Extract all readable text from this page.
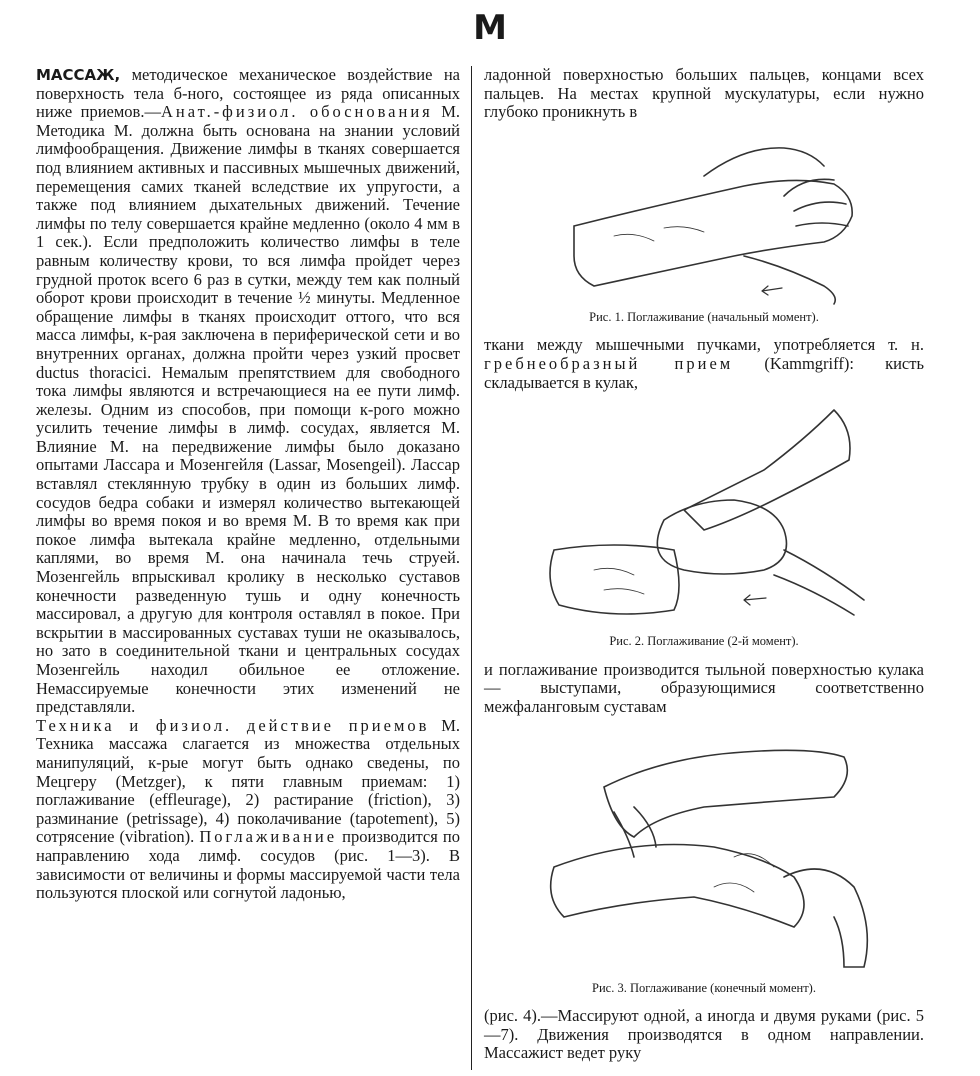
М

МАССАЖ, методическое механическое воздействие на поверхность тела б-ного, состоящее из ряда описанных ниже приемов.—Анат.-физиол. обоснования М. Методика М. должна быть основана на знании условий лимфообращения. Движение лимфы в тканях совершается под влиянием активных и пассивных мышечных движений, перемещения самих тканей вследствие их упругости, а также под влиянием дыхательных движений. Течение лимфы по телу совершается крайне медленно (около 4 мм в 1 сек.). Если предположить количество лимфы в теле равным количеству крови, то вся лимфа пройдет через грудной проток всего 6 раз в сутки, между тем как полный оборот крови происходит в течение ½ минуты. Медленное обращение лимфы в тканях происходит оттого, что вся масса лимфы, к-рая заключена в периферической сети и во внутренних органах, должна пройти через узкий просвет ductus thoracici. Немалым препятствием для свободного тока лимфы являются и встречающиеся на ее пути лимф. железы. Одним из способов, при помощи к-рого можно усилить течение лимфы в лимф. сосудах, является М. Влияние М. на передвижение лимфы было доказано опытами Лассара и Мозенгейля (Lassar, Mosengeil). Лассар вставлял стеклянную трубку в один из больших лимф. сосудов бедра собаки и измерял количество вытекающей лимфы во время покоя и во время М. В то время как при покое лимфа вытекала крайне медленно, отдельными каплями, во время М. она начинала течь струей. Мозенгейль впрыскивал кролику в несколько суставов конечности разведенную тушь и одну конечность массировал, а другую для контроля оставлял в покое. При вскрытии в массированных суставах туши не оказывалось, но зато в соединительной ткани и центральных сосудах Мозенгейль находил обильное ее отложение. Немассируемые конечности этих изменений не представляли.

Техника и физиол. действие приемов М. Техника массажа слагается из множества отдельных манипуляций, к-рые могут быть однако сведены, по Мецгеру (Metzger), к пяти главным приемам: 1) поглаживание (effleurage), 2) растирание (friction), 3) разминание (petrissage), 4) поколачивание (tapotement), 5) сотрясение (vibration). Поглаживание производится по направлению хода лимф. сосудов (рис. 1—3). В зависимости от величины и формы массируемой части тела пользуются плоской или согнутой ладонью,

ладонной поверхностью больших пальцев, концами всех пальцев. На местах крупной мускулатуры, если нужно глубоко проникнуть в

Рис. 1. Поглаживание (начальный момент).

ткани между мышечными пучками, употребляется т. н. гребнеобразный прием (Kammgriff): кисть складывается в кулак,

Рис. 2. Поглаживание (2-й момент).

и поглаживание производится тыльной поверхностью кулака — выступами, образующимися соответственно межфаланговым суставам

Рис. 3. Поглаживание (конечный момент).

(рис. 4).—Массируют одной, а иногда и двумя руками (рис. 5—7). Движения производятся в одном направлении. Массажист ведет руку
